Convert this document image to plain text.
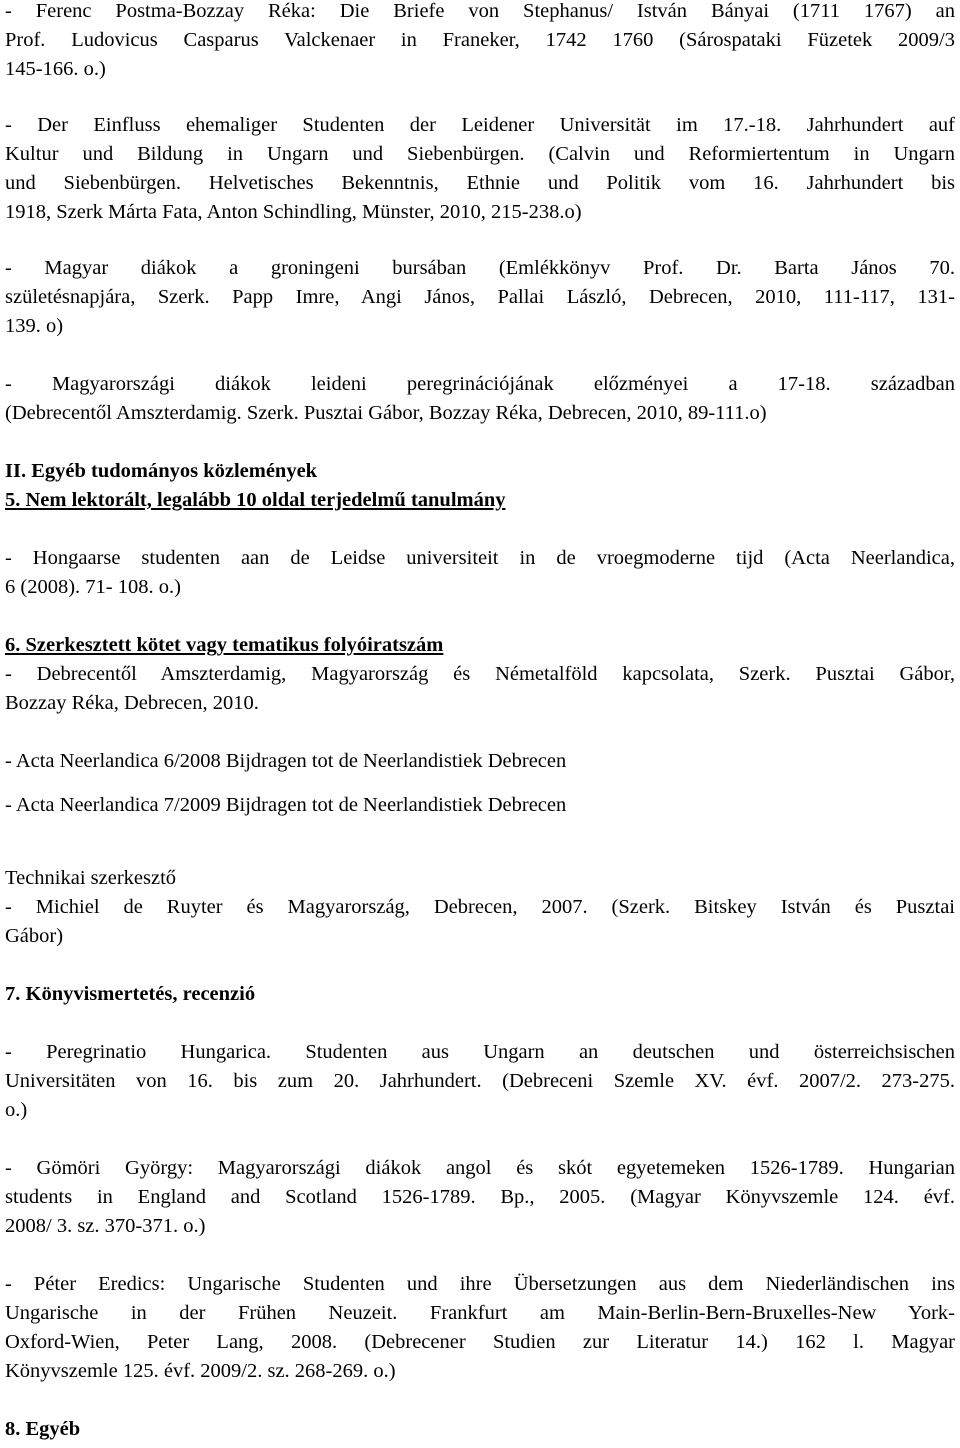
- Ferenc Postma-Bozzay Réka: Die Briefe von Stephanus/ István Bányai (1711 1767) an
Prof. Ludovicus Casparus Valckenaer in Franeker, 1742 1760 (Sárospataki Füzetek 2009/3
145-166. o.)
- Der Einfluss ehemaliger Studenten der Leidener Universität im 17.-18. Jahrhundert auf
Kultur und Bildung in Ungarn und Siebenbürgen. (Calvin und Reformiertentum in Ungarn
und Siebenbürgen. Helvetisches Bekenntnis, Ethnie und Politik vom 16. Jahrhundert bis
1918, Szerk Márta Fata, Anton Schindling, Münster, 2010, 215-238.o)
- Magyar diákok a groningeni bursában (Emlékkönyv Prof. Dr. Barta János 70.
születésnapjára, Szerk. Papp Imre, Angi János, Pallai László, Debrecen, 2010, 111-117, 131-
139. o)
- Magyarországi diákok leideni peregrinációjának előzményei a 17-18. században
(Debrecentől Amszterdamig. Szerk. Pusztai Gábor, Bozzay Réka, Debrecen, 2010, 89-111.o)
II. Egyéb tudományos közlemények
5. Nem lektorált, legalább 10 oldal terjedelmű tanulmány
- Hongaarse studenten aan de Leidse universiteit in de vroegmoderne tijd (Acta Neerlandica,
6 (2008). 71- 108. o.)
6. Szerkesztett kötet vagy tematikus folyóiratszám
- Debrecentől Amszterdamig, Magyarország és Németalföld kapcsolata, Szerk. Pusztai Gábor,
Bozzay Réka, Debrecen, 2010.
- Acta Neerlandica 6/2008 Bijdragen tot de Neerlandistiek Debrecen
- Acta Neerlandica 7/2009 Bijdragen tot de Neerlandistiek Debrecen
Technikai szerkesztő
- Michiel de Ruyter és Magyarország, Debrecen, 2007. (Szerk. Bitskey István és Pusztai
Gábor)
7. Könyvismertetés, recenzió
- Peregrinatio Hungarica. Studenten aus Ungarn an deutschen und österreichsischen
Universitäten von 16. bis zum 20. Jahrhundert. (Debreceni Szemle XV. évf. 2007/2. 273-275.
o.)
- Gömöri György: Magyarországi diákok angol és skót egyetemeken 1526-1789. Hungarian
students in England and Scotland 1526-1789. Bp., 2005. (Magyar Könyvszemle 124. évf.
2008/ 3. sz. 370-371. o.)
- Péter Eredics: Ungarische Studenten und ihre Übersetzungen aus dem Niederländischen ins
Ungarische in der Frühen Neuzeit. Frankfurt am Main-Berlin-Bern-Bruxelles-New York-
Oxford-Wien, Peter Lang, 2008. (Debrecener Studien zur Literatur 14.) 162 l. Magyar
Könyvszemle 125. évf. 2009/2. sz. 268-269. o.)
8. Egyéb
